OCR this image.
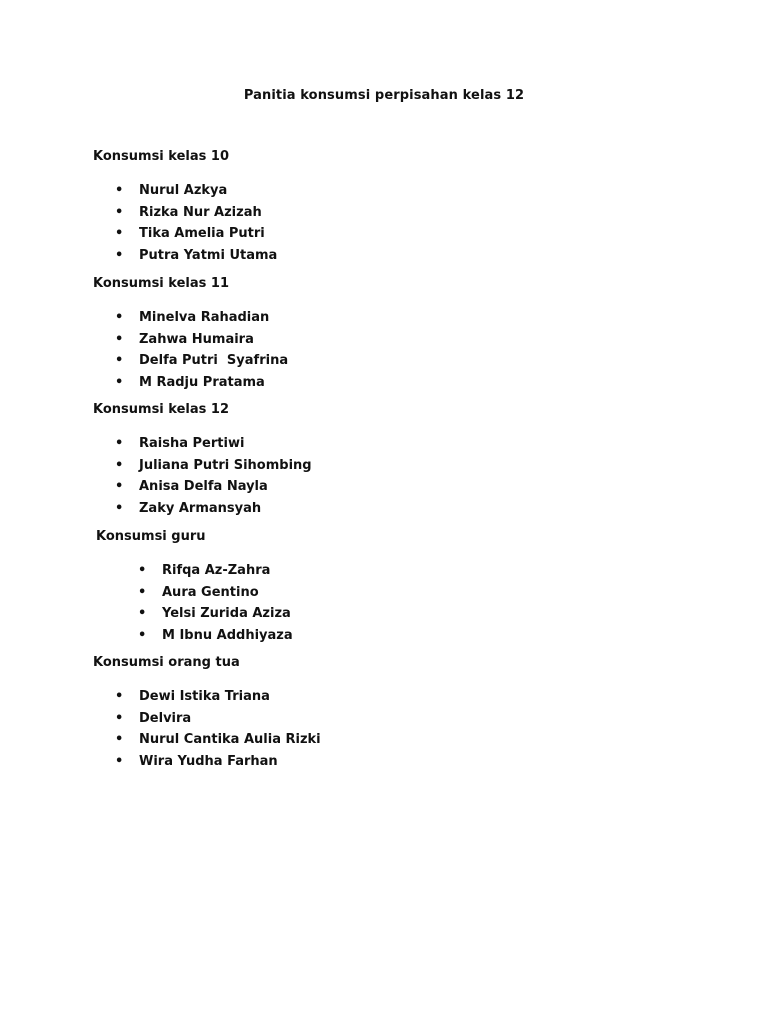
Panitia konsumsi perpisahan kelas 12

Konsumsi kelas 10

• Nurul Azkya
• Rizka Nur Azizah
• Tika Amelia Putri
• Putra Yatmi Utama

Konsumsi kelas 11

• Minelva Rahadian
• Zahwa Humaira
• Delfa Putri  Syafrina
• M Radju Pratama

Konsumsi kelas 12

• Raisha Pertiwi
• Juliana Putri Sihombing
• Anisa Delfa Nayla
• Zaky Armansyah

Konsumsi guru

• Rifqa Az-Zahra
• Aura Gentino
• Yelsi Zurida Aziza
• M Ibnu Addhiyaza

Konsumsi orang tua

• Dewi Istika Triana
• Delvira
• Nurul Cantika Aulia Rizki
• Wira Yudha Farhan
